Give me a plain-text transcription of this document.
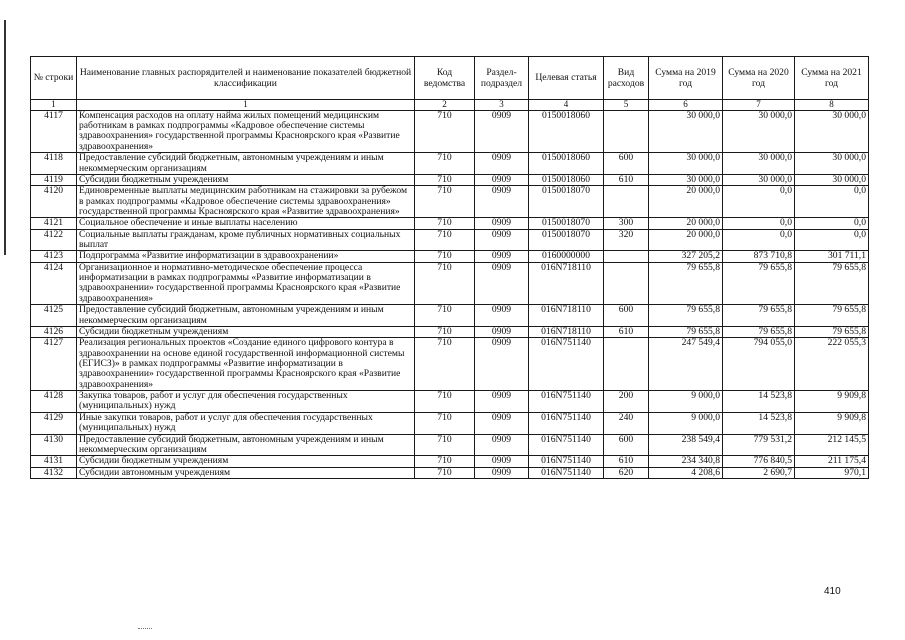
№ строки	Наименование главных распорядителей и наименование показателей бюджетной классификации	Код ведомства	Раздел-подраздел	Целевая статья	Вид расходов	Сумма на 2019 год	Сумма на 2020 год	Сумма на 2021 год
1	1	2	3	4	5	6	7	8
4117	Компенсация расходов на оплату найма жилых помещений медицинским работникам в рамках подпрограммы «Кадровое обеспечение системы здравоохранения» государственной программы Красноярского края «Развитие здравоохранения»	710	0909	0150018060		30 000,0	30 000,0	30 000,0
4118	Предоставление субсидий бюджетным, автономным учреждениям и иным некоммерческим организациям	710	0909	0150018060	600	30 000,0	30 000,0	30 000,0
4119	Субсидии бюджетным учреждениям	710	0909	0150018060	610	30 000,0	30 000,0	30 000,0
4120	Единовременные выплаты медицинским работникам на стажировки за рубежом в рамках подпрограммы «Кадровое обеспечение системы здравоохранения» государственной программы Красноярского края «Развитие здравоохранения»	710	0909	0150018070		20 000,0	0,0	0,0
4121	Социальное обеспечение и иные выплаты населению	710	0909	0150018070	300	20 000,0	0,0	0,0
4122	Социальные выплаты гражданам, кроме публичных нормативных социальных выплат	710	0909	0150018070	320	20 000,0	0,0	0,0
4123	Подпрограмма «Развитие информатизации в здравоохранении»	710	0909	0160000000		327 205,2	873 710,8	301 711,1
4124	Организационное и нормативно-методическое обеспечение процесса информатизации в рамках подпрограммы «Развитие информатизации в здравоохранении» государственной программы Красноярского края «Развитие здравоохранения»	710	0909	016N718110		79 655,8	79 655,8	79 655,8
4125	Предоставление субсидий бюджетным, автономным учреждениям и иным некоммерческим организациям	710	0909	016N718110	600	79 655,8	79 655,8	79 655,8
4126	Субсидии бюджетным учреждениям	710	0909	016N718110	610	79 655,8	79 655,8	79 655,8
4127	Реализация региональных проектов «Создание единого цифрового контура в здравоохранении на основе единой государственной информационной системы (ЕГИСЗ)» в рамках подпрограммы «Развитие информатизации в здравоохранении» государственной программы Красноярского края «Развитие здравоохранения»	710	0909	016N751140		247 549,4	794 055,0	222 055,3
4128	Закупка товаров, работ и услуг для обеспечения государственных (муниципальных) нужд	710	0909	016N751140	200	9 000,0	14 523,8	9 909,8
4129	Иные закупки товаров, работ и услуг для обеспечения государственных (муниципальных) нужд	710	0909	016N751140	240	9 000,0	14 523,8	9 909,8
4130	Предоставление субсидий бюджетным, автономным учреждениям и иным некоммерческим организациям	710	0909	016N751140	600	238 549,4	779 531,2	212 145,5
4131	Субсидии бюджетным учреждениям	710	0909	016N751140	610	234 340,8	776 840,5	211 175,4
4132	Субсидии автономным учреждениям	710	0909	016N751140	620	4 208,6	2 690,7	970,1
410
